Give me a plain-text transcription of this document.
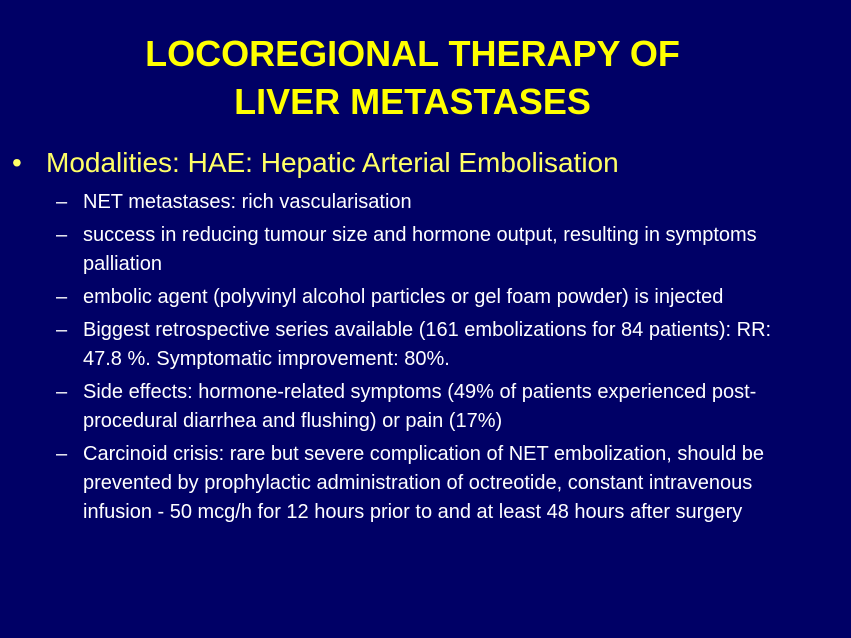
LOCOREGIONAL THERAPY OF
LIVER METASTASES
• Modalities: HAE: Hepatic Arterial Embolisation
– NET metastases: rich vascularisation
– success in reducing tumour size and hormone output, resulting in symptoms palliation
– embolic agent (polyvinyl alcohol particles or gel foam powder) is injected
– Biggest retrospective series available (161 embolizations for 84 patients): RR: 47.8 %. Symptomatic improvement: 80%.
– Side effects: hormone-related symptoms (49% of patients experienced post-procedural diarrhea and flushing) or pain (17%)
– Carcinoid crisis: rare but severe complication of NET embolization, should be prevented by prophylactic administration of octreotide, constant intravenous infusion - 50 mcg/h for 12 hours prior to and at least 48 hours after surgery
